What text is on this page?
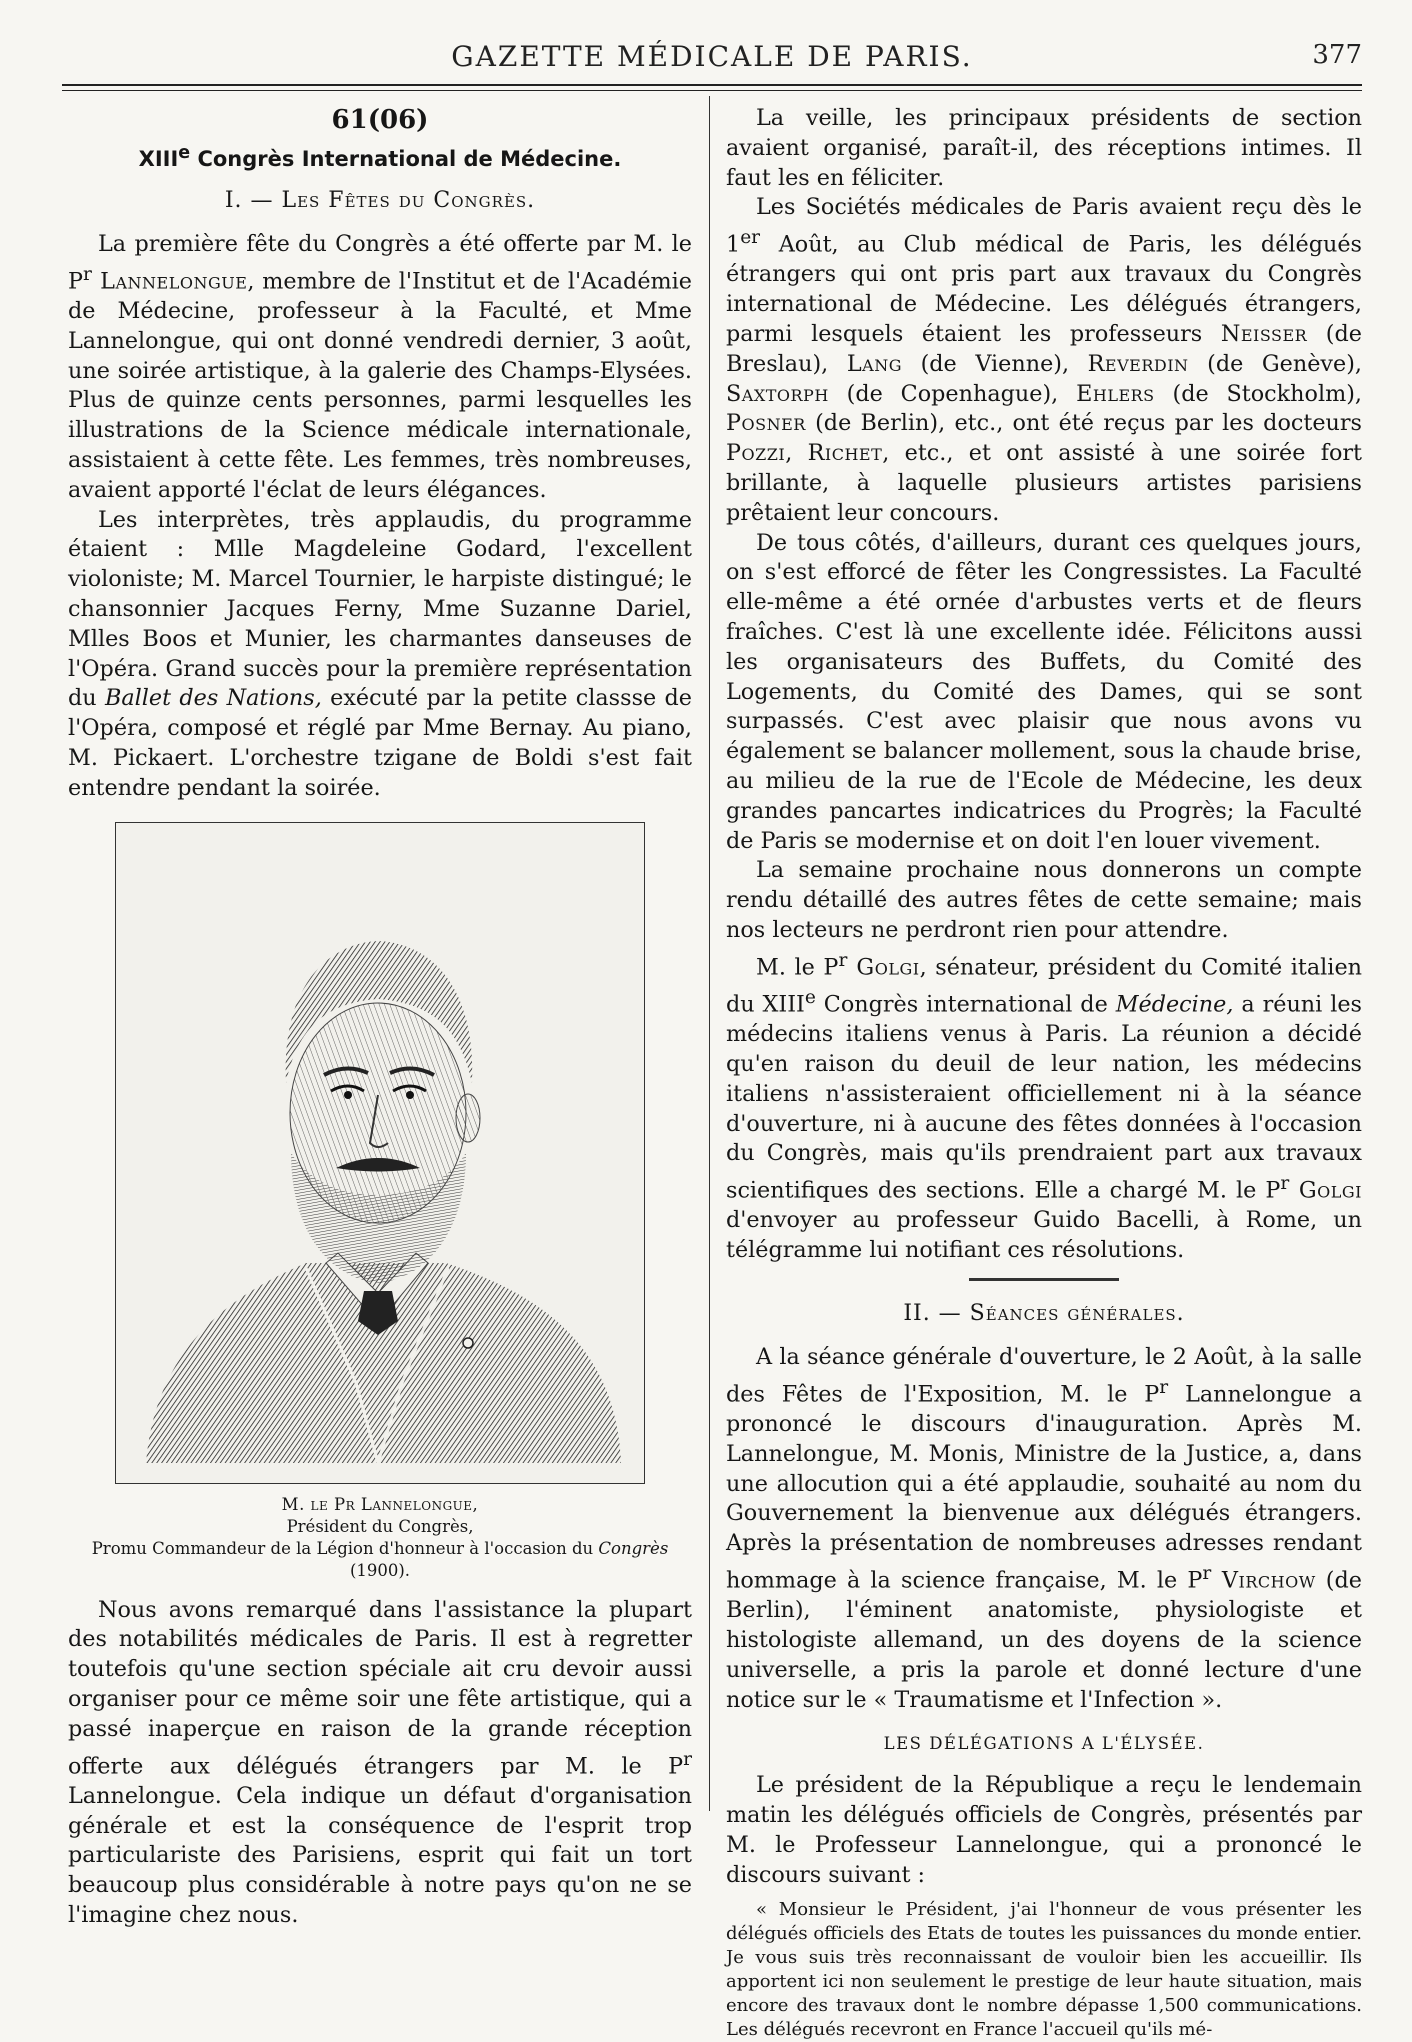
GAZETTE MÉDICALE DE PARIS.	377
61(06)
XIIIe Congrès International de Médecine.
I. — Les Fêtes du Congrès.

La première fête du Congrès a été offerte par M. le $P^r$ Lannelongue, membre de l'Institut et de l'Académie de Médecine, professeur à la Faculté, et Mme Lannelongue, qui ont donné vendredi dernier, 3 août, une soirée artistique, à la galerie des Champs-Elysées. Plus de quinze cents personnes, parmi lesquelles les illustrations de la Science médicale internationale, assistaient à cette fête. Les femmes, très nombreuses, avaient apporté l'éclat de leurs élégances.

Les interprètes, très applaudis, du programme étaient : Mlle Magdeleine Godard, l'excellent violoniste; M. Marcel Tournier, le harpiste distingué; le chansonnier Jacques Ferny, Mme Suzanne Dariel, Mlles Boos et Munier, les charmantes danseuses de l'Opéra. Grand succès pour la première représentation du Ballet des Nations, exécuté par la petite classse de l'Opéra, composé et réglé par Mme Bernay. Au piano, M. Pickaert. L'orchestre tzigane de Boldi s'est fait entendre pendant la soirée.

M. le Pr Lannelongue,
Président du Congrès,
Promu Commandeur de la Légion d'honneur à l'occasion du Congrès (1900).

Nous avons remarqué dans l'assistance la plupart des notabilités médicales de Paris. Il est à regretter toutefois qu'une section spéciale ait cru devoir aussi organiser pour ce même soir une fête artistique, qui a passé inaperçue en raison de la grande réception offerte aux délégués étrangers par M. le $P^r$ Lannelongue. Cela indique un défaut d'organisation générale et est la conséquence de l'esprit trop particulariste des Parisiens, esprit qui fait un tort beaucoup plus considérable à notre pays qu'on ne se l'imagine chez nous.

La veille, les principaux présidents de section avaient organisé, paraît-il, des réceptions intimes. Il faut les en féliciter.

Les Sociétés médicales de Paris avaient reçu dès le 1er Août, au Club médical de Paris, les délégués étrangers qui ont pris part aux travaux du Congrès international de Médecine. Les délégués étrangers, parmi lesquels étaient les professeurs Neisser (de Breslau), Lang (de Vienne), Reverdin (de Genève), Saxtorph (de Copenhague), Ehlers (de Stockholm), Posner (de Berlin), etc., ont été reçus par les docteurs Pozzi, Richet, etc., et ont assisté à une soirée fort brillante, à laquelle plusieurs artistes parisiens prêtaient leur concours.

De tous côtés, d'ailleurs, durant ces quelques jours, on s'est efforcé de fêter les Congressistes. La Faculté elle-même a été ornée d'arbustes verts et de fleurs fraîches. C'est là une excellente idée. Félicitons aussi les organisateurs des Buffets, du Comité des Logements, du Comité des Dames, qui se sont surpassés. C'est avec plaisir que nous avons vu également se balancer mollement, sous la chaude brise, au milieu de la rue de l'Ecole de Médecine, les deux grandes pancartes indicatrices du Progrès; la Faculté de Paris se modernise et on doit l'en louer vivement.

La semaine prochaine nous donnerons un compte rendu détaillé des autres fêtes de cette semaine; mais nos lecteurs ne perdront rien pour attendre.

M. le $P^r$ Golgi, sénateur, président du Comité italien du XIIIe Congrès international de Médecine, a réuni les médecins italiens venus à Paris. La réunion a décidé qu'en raison du deuil de leur nation, les médecins italiens n'assisteraient officiellement ni à la séance d'ouverture, ni à aucune des fêtes données à l'occasion du Congrès, mais qu'ils prendraient part aux travaux scientifiques des sections. Elle a chargé M. le $P^r$ Golgi d'envoyer au professeur Guido Bacelli, à Rome, un télégramme lui notifiant ces résolutions.

II. — Séances générales.

A la séance générale d'ouverture, le 2 Août, à la salle des Fêtes de l'Exposition, M. le $P^r$ Lannelongue a prononcé le discours d'inauguration. Après M. Lannelongue, M. Monis, Ministre de la Justice, a, dans une allocution qui a été applaudie, souhaité au nom du Gouvernement la bienvenue aux délégués étrangers. Après la présentation de nombreuses adresses rendant hommage à la science française, M. le $P^r$ Virchow (de Berlin), l'éminent anatomiste, physiologiste et histologiste allemand, un des doyens de la science universelle, a pris la parole et donné lecture d'une notice sur le « Traumatisme et l'Infection ».

LES DÉLÉGATIONS A L'ÉLYSÉE.

Le président de la République a reçu le lendemain matin les délégués officiels de Congrès, présentés par M. le Professeur Lannelongue, qui a prononcé le discours suivant :

« Monsieur le Président, j'ai l'honneur de vous présenter les délégués officiels des Etats de toutes les puissances du monde entier. Je vous suis très reconnaissant de vouloir bien les accueillir. Ils apportent ici non seulement le prestige de leur haute situation, mais encore des travaux dont le nombre dépasse 1,500 communications. Les délégués recevront en France l'accueil qu'ils mé-
